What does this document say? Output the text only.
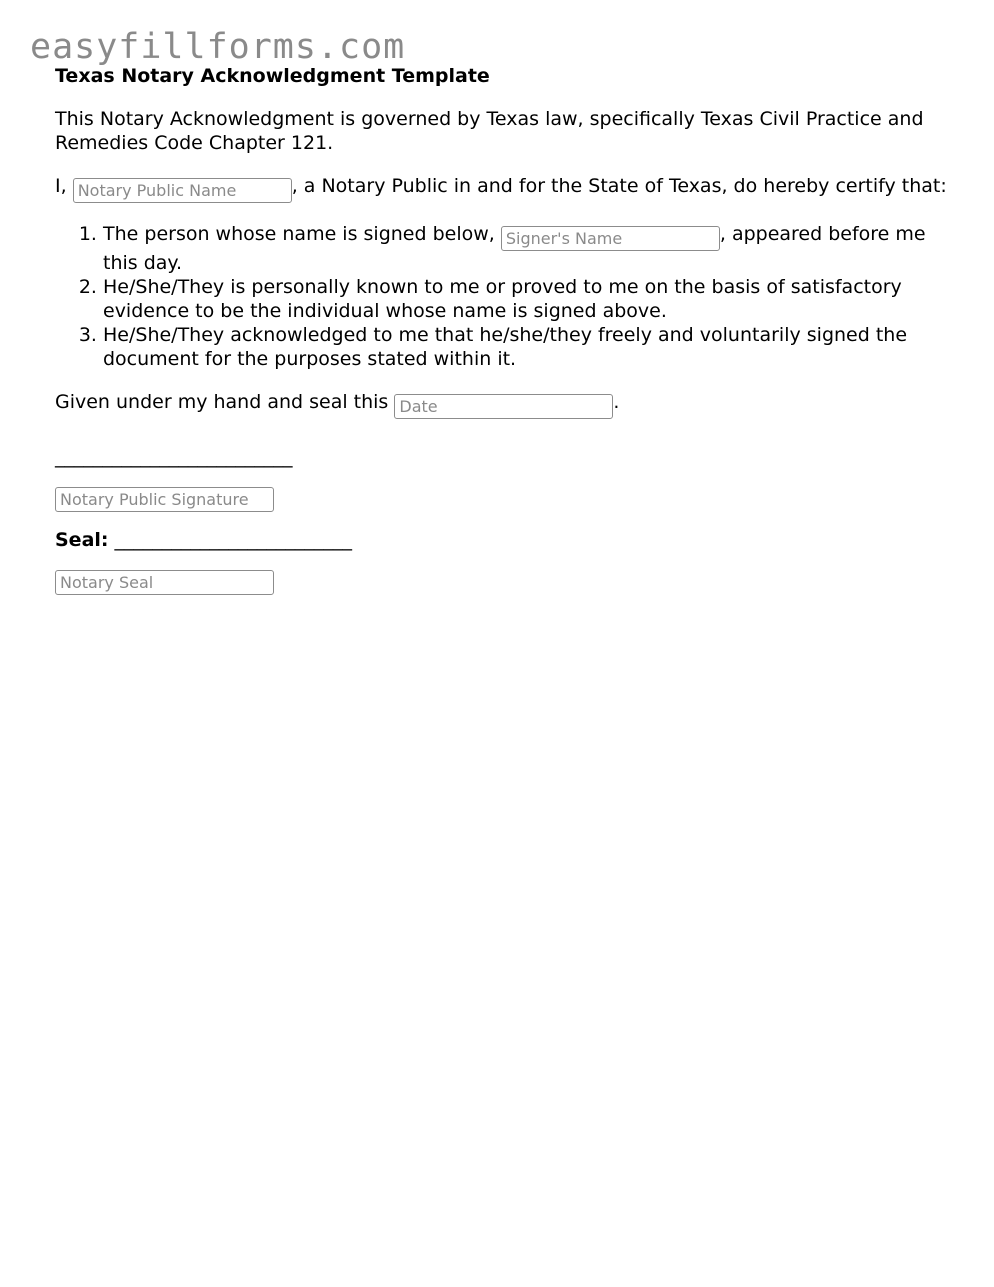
easyfillforms.com

Texas Notary Acknowledgment Template

This Notary Acknowledgment is governed by Texas law, specifically Texas Civil Practice and Remedies Code Chapter 121.

I, Notary Public Name	, a Notary Public in and for the State of Texas, do hereby certify that:

1. The person whose name is signed below, Signer's Name	, appeared before me this day.
2. He/She/They is personally known to me or proved to me on the basis of satisfactory evidence to be the individual whose name is signed above.
3. He/She/They acknowledged to me that he/she/they freely and voluntarily signed the document for the purposes stated within it.

Given under my hand and seal this Date	.

_________________________

Notary Public Signature

Seal: _________________________

Notary Seal
